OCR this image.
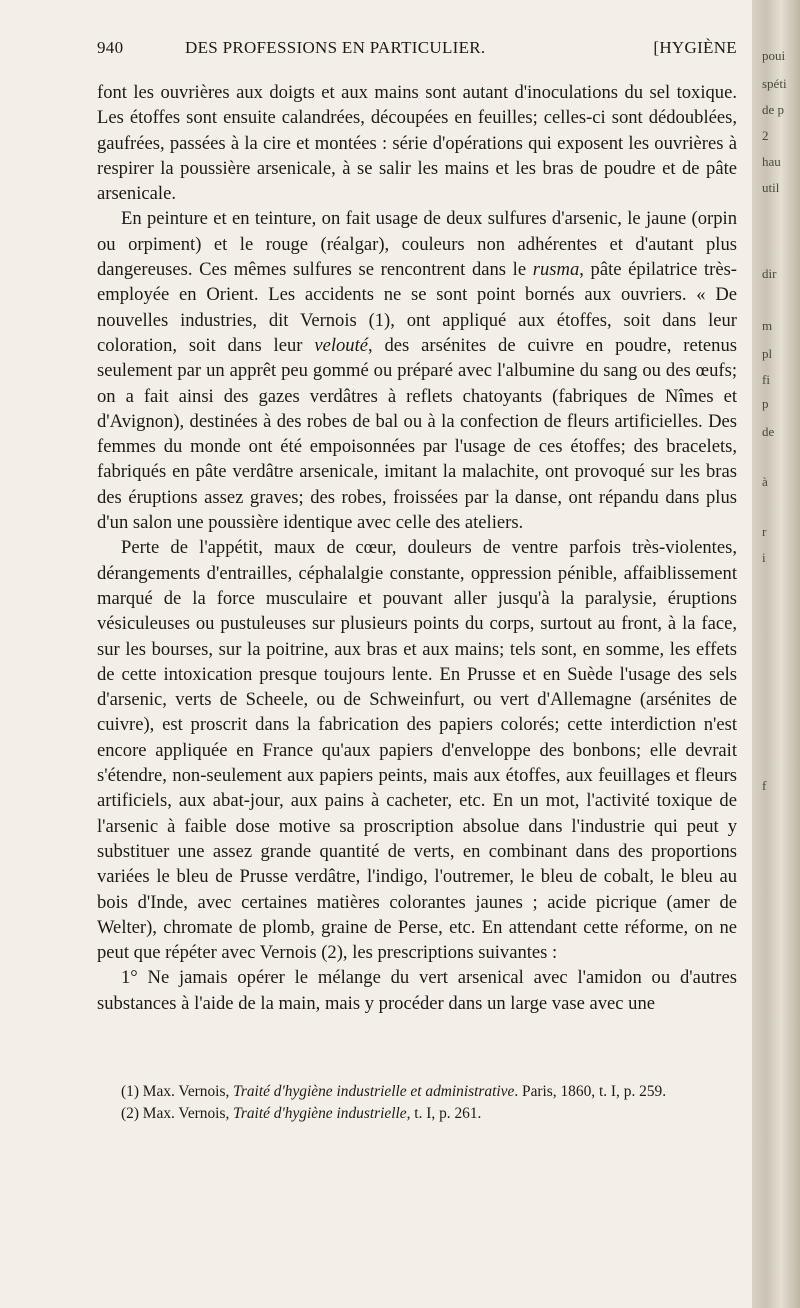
poui
spéti
de p
2
hau
util
dir
m
pl
fi
p
de
à
r
i
f
940	DES PROFESSIONS EN PARTICULIER.	[HYGIÈNE

font les ouvrières aux doigts et aux mains sont autant d'inoculations du sel toxique. Les étoffes sont ensuite calandrées, découpées en feuilles; celles-ci sont dédoublées, gaufrées, passées à la cire et montées : série d'opérations qui exposent les ouvrières à respirer la poussière arsenicale, à se salir les mains et les bras de poudre et de pâte arsenicale.

En peinture et en teinture, on fait usage de deux sulfures d'arsenic, le jaune (orpin ou orpiment) et le rouge (réalgar), couleurs non adhérentes et d'autant plus dangereuses. Ces mêmes sulfures se rencontrent dans le rusma, pâte épilatrice très-employée en Orient. Les accidents ne se sont point bornés aux ouvriers. « De nouvelles industries, dit Vernois (1), ont appliqué aux étoffes, soit dans leur coloration, soit dans leur velouté, des arsénites de cuivre en poudre, retenus seulement par un apprêt peu gommé ou préparé avec l'albumine du sang ou des œufs; on a fait ainsi des gazes verdâtres à reflets chatoyants (fabriques de Nîmes et d'Avignon), destinées à des robes de bal ou à la confection de fleurs artificielles. Des femmes du monde ont été empoisonnées par l'usage de ces étoffes; des bracelets, fabriqués en pâte verdâtre arsenicale, imitant la malachite, ont provoqué sur les bras des éruptions assez graves; des robes, froissées par la danse, ont répandu dans plus d'un salon une poussière identique avec celle des ateliers.

Perte de l'appétit, maux de cœur, douleurs de ventre parfois très-violentes, dérangements d'entrailles, céphalalgie constante, oppression pénible, affaiblissement marqué de la force musculaire et pouvant aller jusqu'à la paralysie, éruptions vésiculeuses ou pustuleuses sur plusieurs points du corps, surtout au front, à la face, sur les bourses, sur la poitrine, aux bras et aux mains; tels sont, en somme, les effets de cette intoxication presque toujours lente. En Prusse et en Suède l'usage des sels d'arsenic, verts de Scheele, ou de Schweinfurt, ou vert d'Allemagne (arsénites de cuivre), est proscrit dans la fabrication des papiers colorés; cette interdiction n'est encore appliquée en France qu'aux papiers d'enveloppe des bonbons; elle devrait s'étendre, non-seulement aux papiers peints, mais aux étoffes, aux feuillages et fleurs artificiels, aux abat-jour, aux pains à cacheter, etc. En un mot, l'activité toxique de l'arsenic à faible dose motive sa proscription absolue dans l'industrie qui peut y substituer une assez grande quantité de verts, en combinant dans des proportions variées le bleu de Prusse verdâtre, l'indigo, l'outremer, le bleu de cobalt, le bleu au bois d'Inde, avec certaines matières colorantes jaunes ; acide picrique (amer de Welter), chromate de plomb, graine de Perse, etc. En attendant cette réforme, on ne peut que répéter avec Vernois (2), les prescriptions suivantes :

1° Ne jamais opérer le mélange du vert arsenical avec l'amidon ou d'autres substances à l'aide de la main, mais y procéder dans un large vase avec une

(1) Max. Vernois, Traité d'hygiène industrielle et administrative. Paris, 1860, t. I, p. 259.

(2) Max. Vernois, Traité d'hygiène industrielle, t. I, p. 261.
